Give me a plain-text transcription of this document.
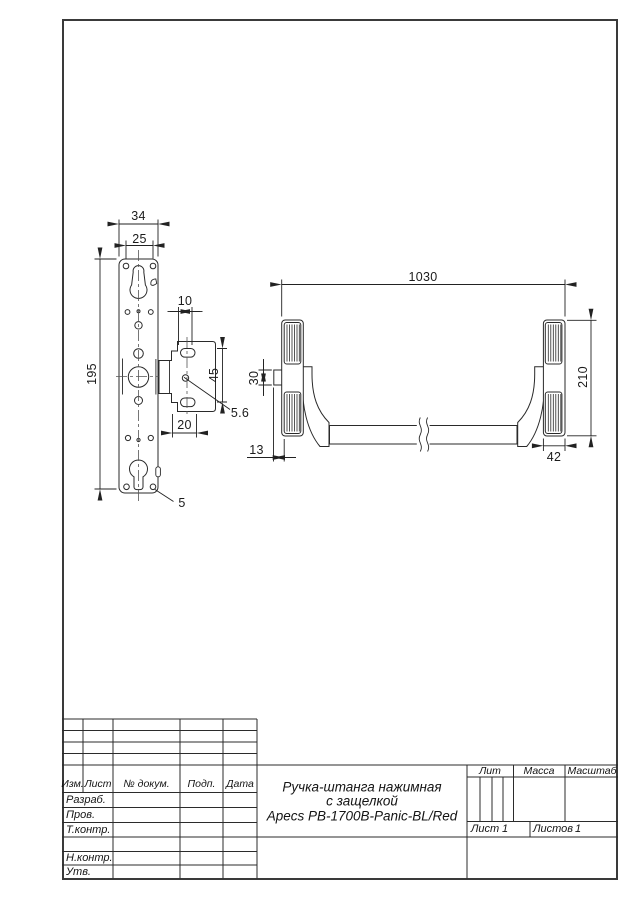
34
25
195
10
45
5.6
20
5
1030
30
13
210
42
Изм. Лист № докум. Подп. Дата
Разраб.
Пров.
Т.контр.
Н.контр.
Утв.
Ручка-штанга нажимная
с защелкой
Apecs PB-1700B-Panic-BL/Red
Лит Масса Масштаб
Лист 1 Листов 1
